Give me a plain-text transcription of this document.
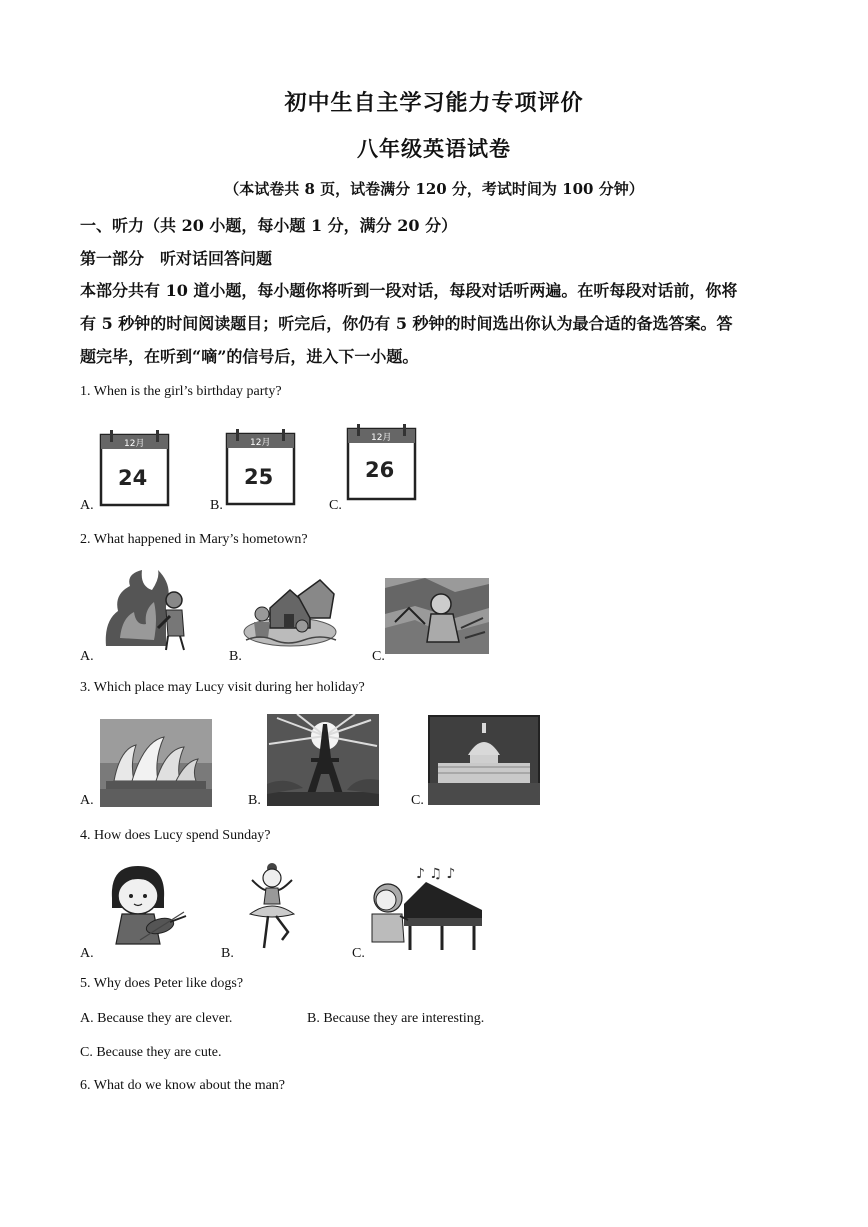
初中生自主学习能力专项评价
八年级英语试卷
（本试卷共 8 页，试卷满分 120 分，考试时间为 100 分钟）
一、听力（共 20 小题，每小题 1 分，满分 20 分）
第一部分　听对话回答问题
本部分共有 10 道小题，每小题你将听到一段对话，每段对话听两遍。在听每段对话前，你将
有 5 秒钟的时间阅读题目；听完后，你仍有 5 秒钟的时间选出你认为最合适的备选答案。答
题完毕，在听到“嘀”的信号后，进入下一小题。
1. When is the girl’s birthday party?
12月
24
12月
25
12月
26
A.	B.	C.
2. What happened in Mary’s hometown?
A.	B.	C.
3. Which place may Lucy visit during her holiday?
A.	B.	C.
4. How does Lucy spend Sunday?
♪ ♫ ♪
A.	B.	C.
5. Why does Peter like dogs?
A. Because they are clever.	B. Because they are interesting.
C. Because they are cute.
6. What do we know about the man?
